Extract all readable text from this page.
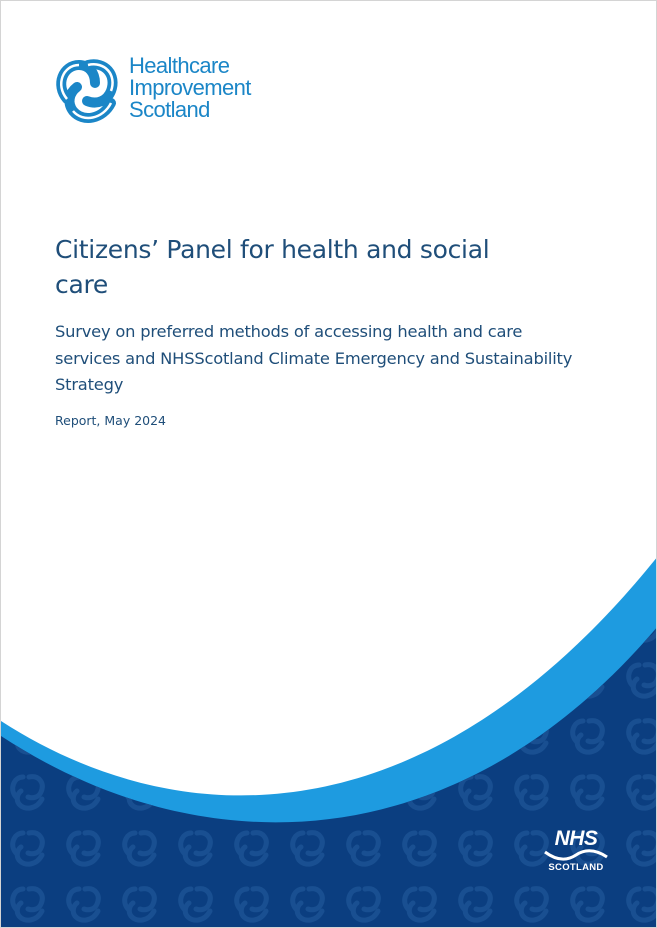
Healthcare
Improvement
Scotland
Citizens’ Panel for health and social care

Survey on preferred methods of accessing health and care services and NHSScotland Climate Emergency and Sustainability Strategy

Report, May 2024

NHS
SCOTLAND
